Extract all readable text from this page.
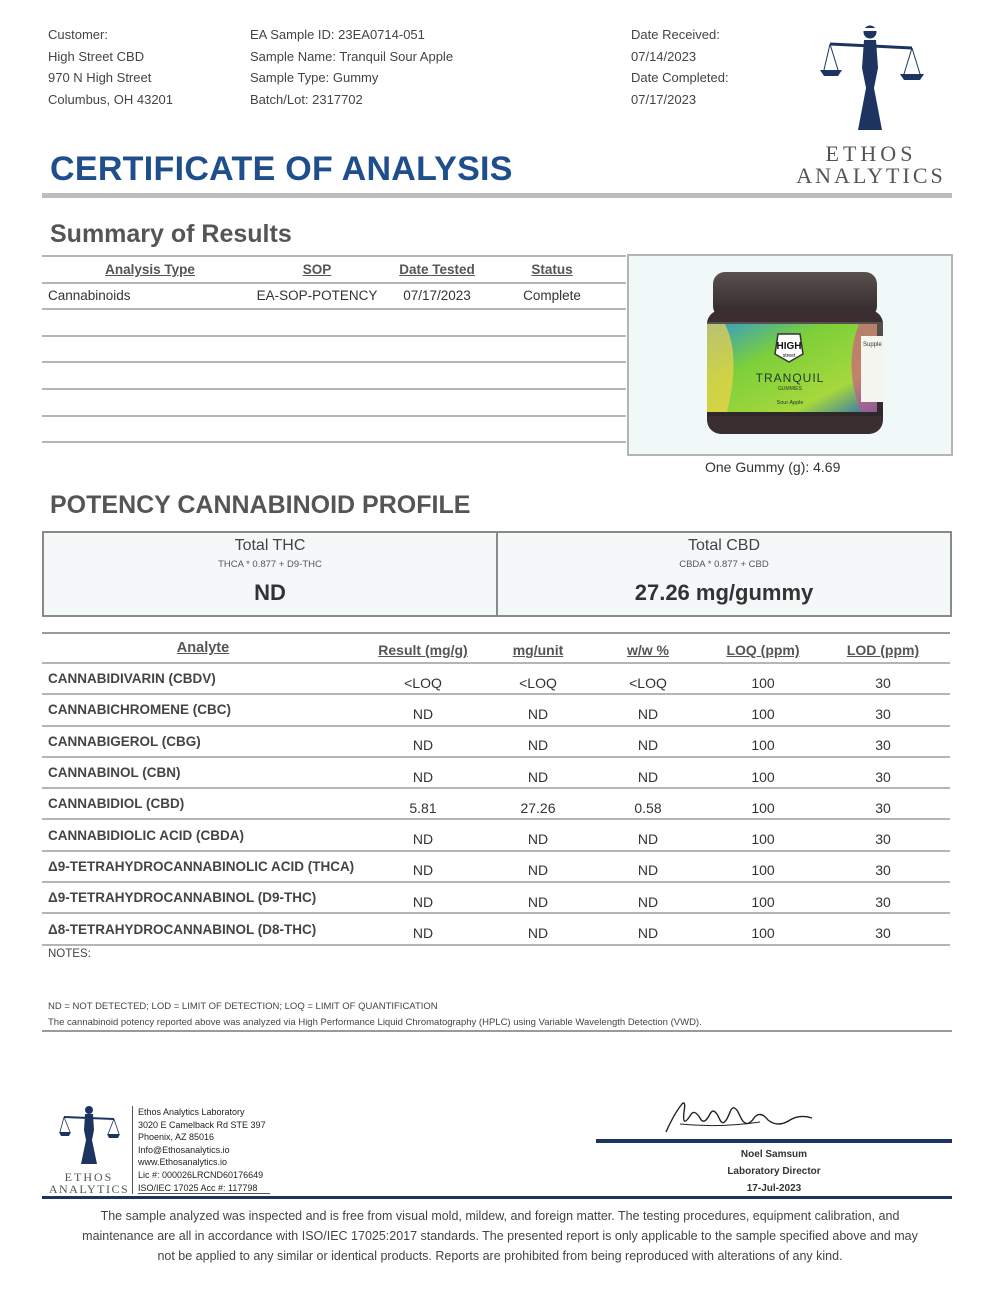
Customer:
High Street CBD
970 N High Street
Columbus, OH 43201
EA Sample ID: 23EA0714-051
Sample Name: Tranquil Sour Apple
Sample Type: Gummy
Batch/Lot: 2317702
Date Received:
07/14/2023
Date Completed:
07/17/2023
ETHOS
ANALYTICS
CERTIFICATE OF ANALYSIS
Summary of Results
Analysis Type	SOP	Date Tested	Status
Cannabinoids	EA-SOP-POTENCY	07/17/2023	Complete
Supple
HIGH
street
TRANQUIL
GUMMIES
Sour Apple
One Gummy (g): 4.69
POTENCY CANNABINOID PROFILE
Total THC
THCA * 0.877 + D9-THC
ND
Total CBD
CBDA * 0.877 + CBD
27.26 mg/gummy
Analyte	Result (mg/g)	mg/unit	w/w %	LOQ (ppm)	LOD (ppm)
CANNABIDIVARIN (CBDV)	<LOQ	<LOQ	<LOQ	100	30
CANNABICHROMENE (CBC)	ND	ND	ND	100	30
CANNABIGEROL (CBG)	ND	ND	ND	100	30
CANNABINOL (CBN)	ND	ND	ND	100	30
CANNABIDIOL (CBD)	5.81	27.26	0.58	100	30
CANNABIDIOLIC ACID (CBDA)	ND	ND	ND	100	30
Δ9-TETRAHYDROCANNABINOLIC ACID (THCA)	ND	ND	ND	100	30
Δ9-TETRAHYDROCANNABINOL (D9-THC)	ND	ND	ND	100	30
Δ8-TETRAHYDROCANNABINOL (D8-THC)	ND	ND	ND	100	30
NOTES:
ND = NOT DETECTED; LOD = LIMIT OF DETECTION; LOQ = LIMIT OF QUANTIFICATION
The cannabinoid potency reported above was analyzed via High Performance Liquid Chromatography (HPLC) using Variable Wavelength Detection (VWD).
ETHOS
ANALYTICS
Ethos Analytics Laboratory
3020 E Camelback Rd STE 397
Phoenix, AZ 85016
Info@Ethosanalytics.io
www.Ethosanalytics.io
Lic #: 000026LRCND60176649
ISO/IEC 17025 Acc #: 117798
Noel Samsum
Laboratory Director
17-Jul-2023
The sample analyzed was inspected and is free from visual mold, mildew, and foreign matter. The testing procedures, equipment calibration, and
maintenance are all in accordance with ISO/IEC 17025:2017 standards. The presented report is only applicable to the sample specified above and may
not be applied to any similar or identical products. Reports are prohibited from being reproduced with alterations of any kind.
